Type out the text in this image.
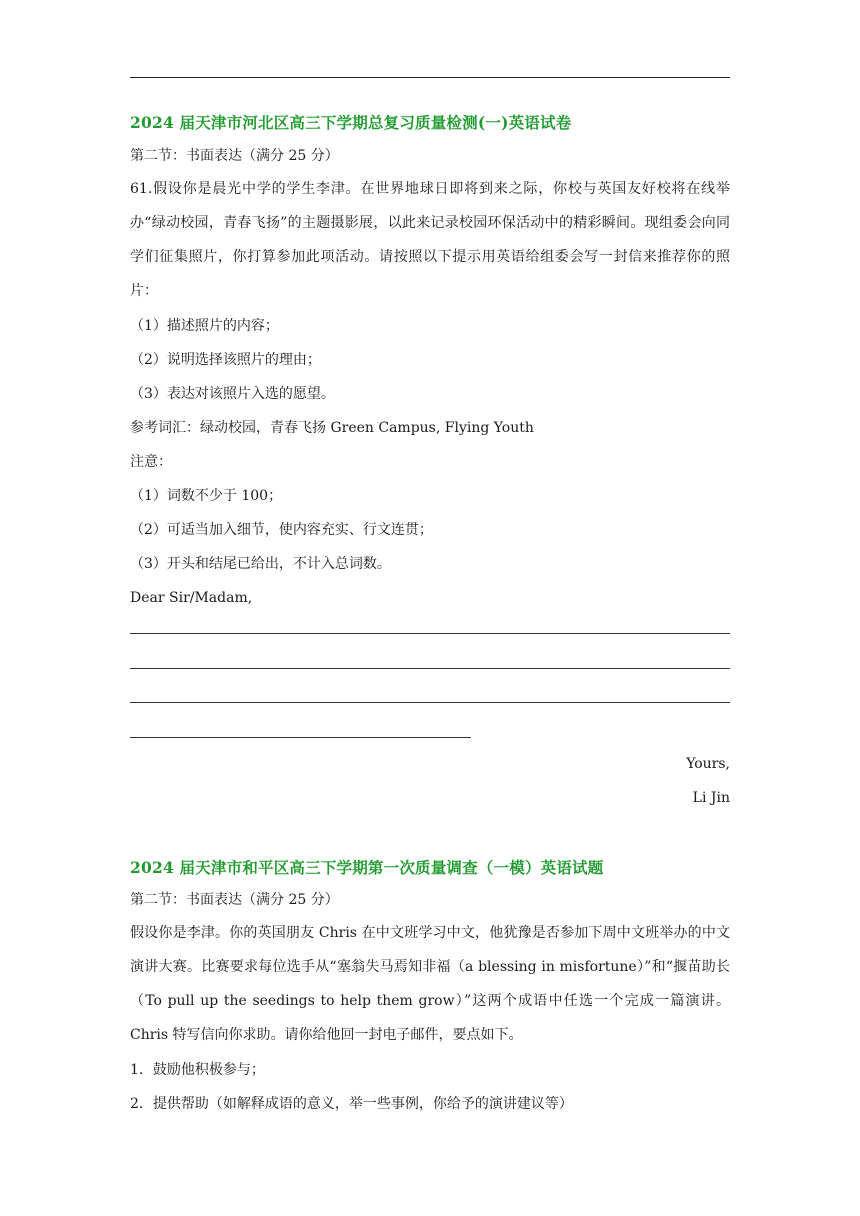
2024 届天津市河北区高三下学期总复习质量检测(一)英语试卷
第二节：书面表达（满分 25 分）
61.假设你是晨光中学的学生李津。在世界地球日即将到来之际，你校与英国友好校将在线举办“绿动校园，青春飞扬”的主题摄影展，以此来记录校园环保活动中的精彩瞬间。现组委会向同学们征集照片，你打算参加此项活动。请按照以下提示用英语给组委会写一封信来推荐你的照片：
（1）描述照片的内容；
（2）说明选择该照片的理由；
（3）表达对该照片入选的愿望。
参考词汇：绿动校园，青春飞扬 Green Campus, Flying Youth
注意：
（1）词数不少于 100；
（2）可适当加入细节，使内容充实、行文连贯；
（3）开头和结尾已给出，不计入总词数。
Dear Sir/Madam,
Yours,
Li Jin
2024 届天津市和平区高三下学期第一次质量调查（一模）英语试题
第二节：书面表达（满分 25 分）
假设你是李津。你的英国朋友 Chris 在中文班学习中文，他犹豫是否参加下周中文班举办的中文演讲大赛。比赛要求每位选手从“塞翁失马焉知非福（a blessing in misfortune）”和“揠苗助长（To pull up the seedings to help them grow）”这两个成语中任选一个完成一篇演讲。Chris 特写信向你求助。请你给他回一封电子邮件，要点如下。
1．鼓励他积极参与；
2．提供帮助（如解释成语的意义，举一些事例，你给予的演讲建议等）
